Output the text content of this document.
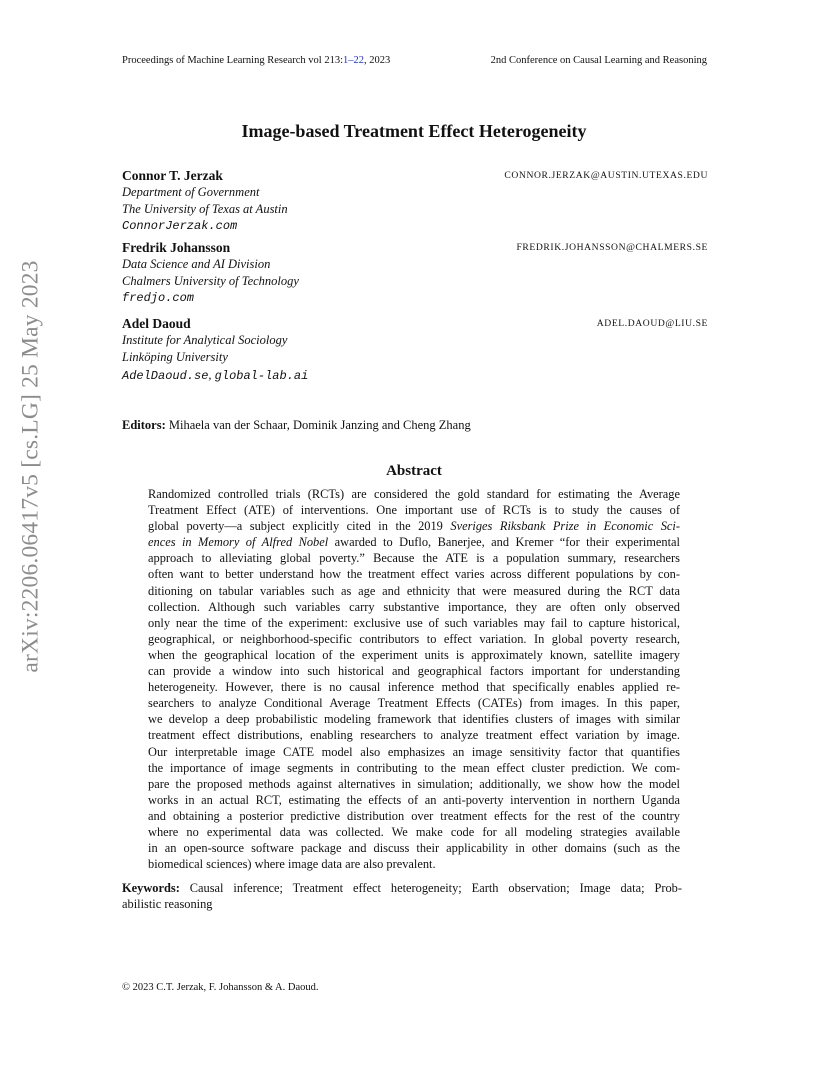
Proceedings of Machine Learning Research vol 213:1–22, 2023	2nd Conference on Causal Learning and Reasoning
arXiv:2206.06417v5 [cs.LG] 25 May 2023
Image-based Treatment Effect Heterogeneity
Connor T. Jerzak	CONNOR.JERZAK@AUSTIN.UTEXAS.EDU
Department of Government
The University of Texas at Austin
ConnorJerzak.com
Fredrik Johansson	FREDRIK.JOHANSSON@CHALMERS.SE
Data Science and AI Division
Chalmers University of Technology
fredjo.com
Adel Daoud	ADEL.DAOUD@LIU.SE
Institute for Analytical Sociology
Linköping University
AdelDaoud.se, global-lab.ai
Editors: Mihaela van der Schaar, Dominik Janzing and Cheng Zhang
Abstract
Randomized controlled trials (RCTs) are considered the gold standard for estimating the Average
Treatment Effect (ATE) of interventions. One important use of RCTs is to study the causes of
global poverty—a subject explicitly cited in the 2019 Sveriges Riksbank Prize in Economic Sci-
ences in Memory of Alfred Nobel awarded to Duflo, Banerjee, and Kremer “for their experimental
approach to alleviating global poverty.” Because the ATE is a population summary, researchers
often want to better understand how the treatment effect varies across different populations by con-
ditioning on tabular variables such as age and ethnicity that were measured during the RCT data
collection. Although such variables carry substantive importance, they are often only observed
only near the time of the experiment: exclusive use of such variables may fail to capture historical,
geographical, or neighborhood-specific contributors to effect variation. In global poverty research,
when the geographical location of the experiment units is approximately known, satellite imagery
can provide a window into such historical and geographical factors important for understanding
heterogeneity. However, there is no causal inference method that specifically enables applied re-
searchers to analyze Conditional Average Treatment Effects (CATEs) from images. In this paper,
we develop a deep probabilistic modeling framework that identifies clusters of images with similar
treatment effect distributions, enabling researchers to analyze treatment effect variation by image.
Our interpretable image CATE model also emphasizes an image sensitivity factor that quantifies
the importance of image segments in contributing to the mean effect cluster prediction. We com-
pare the proposed methods against alternatives in simulation; additionally, we show how the model
works in an actual RCT, estimating the effects of an anti-poverty intervention in northern Uganda
and obtaining a posterior predictive distribution over treatment effects for the rest of the country
where no experimental data was collected. We make code for all modeling strategies available
in an open-source software package and discuss their applicability in other domains (such as the
biomedical sciences) where image data are also prevalent.
Keywords: Causal inference; Treatment effect heterogeneity; Earth observation; Image data; Prob-
abilistic reasoning
© 2023 C.T. Jerzak, F. Johansson & A. Daoud.
